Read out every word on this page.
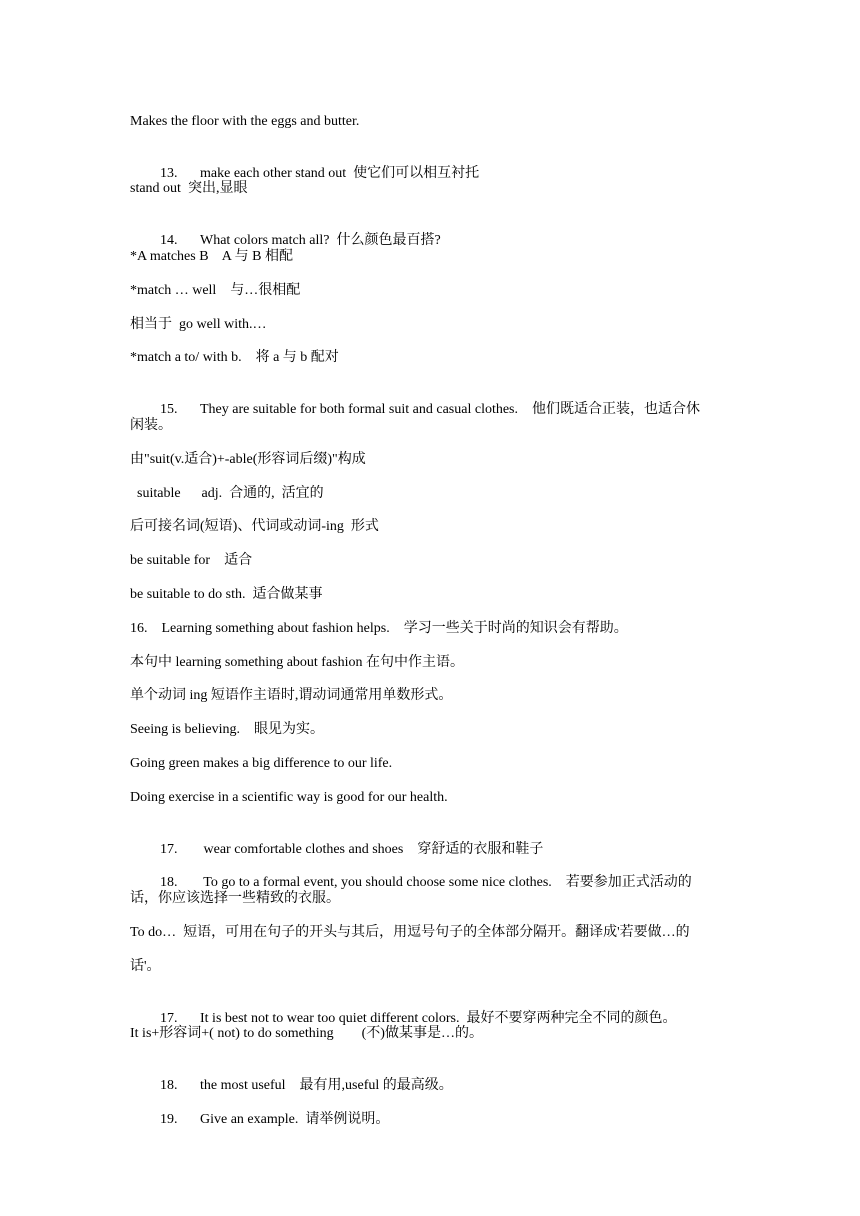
Makes the floor with the eggs and butter.

13. make each other stand out  使它们可以相互衬托

stand out  突出,显眼

14. What colors match all?  什么颜色最百搭?

*A matches B    A 与 B 相配
*match … well    与…很相配
相当于  go well with.…
*match a to/ with b.    将 a 与 b 配对

15. They are suitable for both formal suit and casual clothes.    他们既适合正装，也适合休

闲装。
由"suit(v.适合)+-able(形容词后缀)"构成
suitable      adj.  合通的,  活宜的
后可接名词(短语)、代词或动词-ing  形式
be suitable for    适合
be suitable to do sth.  适合做某事
16.    Learning something about fashion helps.    学习一些关于时尚的知识会有帮助。
本句中 learning something about fashion 在句中作主语。
单个动词 ing 短语作主语时,谓动词通常用单数形式。
Seeing is believing.    眼见为实。
Going green makes a big difference to our life.
Doing exercise in a scientific way is good for our health.

17. wear comfortable clothes and shoes    穿舒适的衣服和鞋子

18. To go to a formal event, you should choose some nice clothes.    若要参加正式活动的

话，你应该选择一些精致的衣服。
To do…  短语，可用在句子的开头与其后，用逗号句子的全体部分隔开。翻译成'若要做…的
话'。

17. It is best not to wear too quiet different colors.  最好不要穿两种完全不同的颜色。

It is+形容词+( not) to do something        (不)做某事是…的。

18. the most useful    最有用,useful 的最高级。

19. Give an example.  请举例说明。
